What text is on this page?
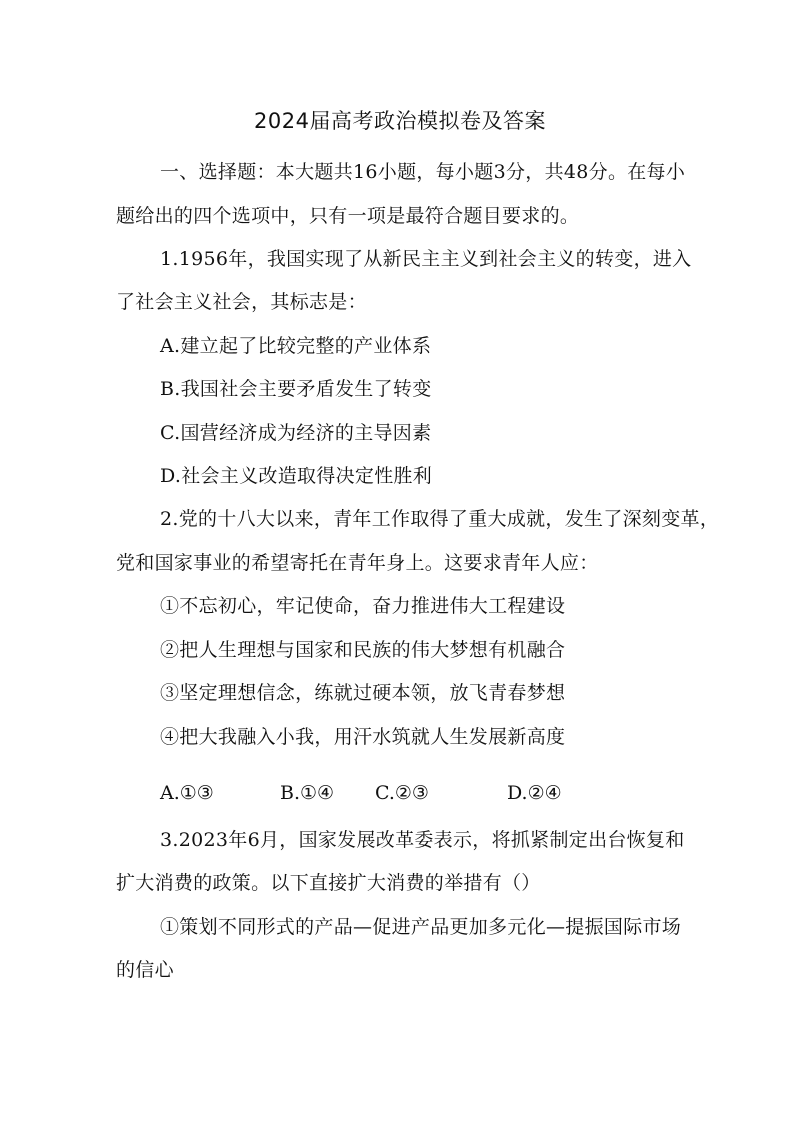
2024届高考政治模拟卷及答案
一、选择题：本大题共16小题，每小题3分，共48分。在每小
题给出的四个选项中，只有一项是最符合题目要求的。
1.1956年，我国实现了从新民主主义到社会主义的转变，进入
了社会主义社会，其标志是：
A.建立起了比较完整的产业体系
B.我国社会主要矛盾发生了转变
C.国营经济成为经济的主导因素
D.社会主义改造取得决定性胜利
2.党的十八大以来，青年工作取得了重大成就，发生了深刻变革，
党和国家事业的希望寄托在青年身上。这要求青年人应：
①不忘初心，牢记使命，奋力推进伟大工程建设
②把人生理想与国家和民族的伟大梦想有机融合
③坚定理想信念，练就过硬本领，放飞青春梦想
④把大我融入小我，用汗水筑就人生发展新高度
A.①③	B.①④ C.②③	D.②④
3.2023年6月，国家发展改革委表示，将抓紧制定出台恢复和
扩大消费的政策。以下直接扩大消费的举措有（）
①策划不同形式的产品—促进产品更加多元化—提振国际市场
的信心
